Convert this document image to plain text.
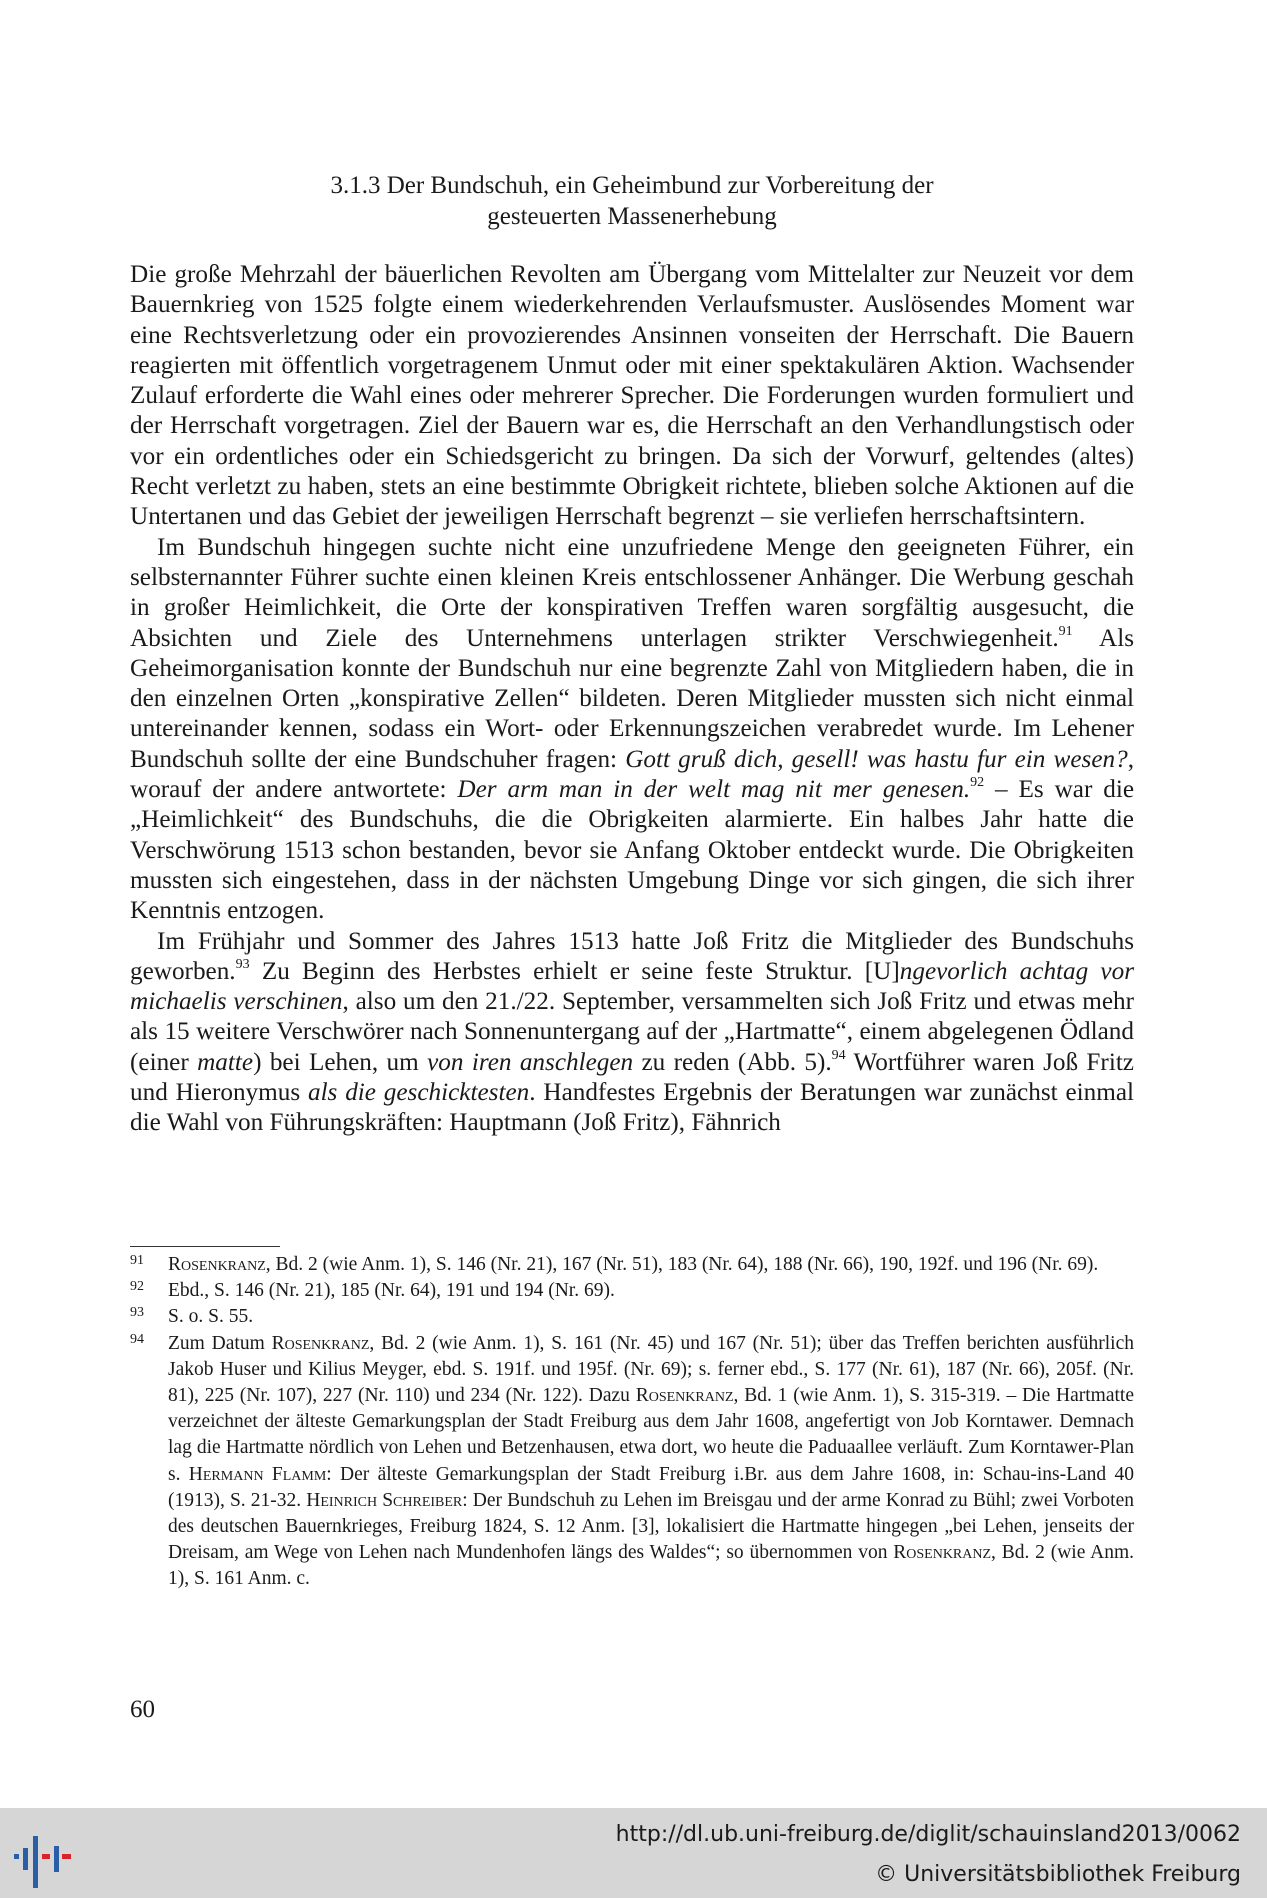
3.1.3 Der Bundschuh, ein Geheimbund zur Vorbereitung der
gesteuerten Massenerhebung

Die große Mehrzahl der bäuerlichen Revolten am Übergang vom Mittelalter zur Neuzeit vor dem Bauernkrieg von 1525 folgte einem wiederkehrenden Verlaufsmuster. Auslösendes Moment war eine Rechtsverletzung oder ein provozierendes Ansinnen vonseiten der Herrschaft. Die Bauern reagierten mit öffentlich vorgetragenem Unmut oder mit einer spektakulären Aktion. Wachsender Zulauf erforderte die Wahl eines oder mehrerer Sprecher. Die Forderungen wurden formuliert und der Herrschaft vorgetragen. Ziel der Bauern war es, die Herrschaft an den Verhandlungstisch oder vor ein ordentliches oder ein Schiedsgericht zu bringen. Da sich der Vorwurf, geltendes (altes) Recht verletzt zu haben, stets an eine bestimmte Obrigkeit richtete, blieben solche Aktionen auf die Untertanen und das Gebiet der jeweiligen Herrschaft begrenzt – sie verliefen herrschaftsintern.

Im Bundschuh hingegen suchte nicht eine unzufriedene Menge den geeigneten Führer, ein selbsternannter Führer suchte einen kleinen Kreis entschlossener Anhänger. Die Werbung geschah in großer Heimlichkeit, die Orte der konspirativen Treffen waren sorgfältig ausgesucht, die Absichten und Ziele des Unternehmens unterlagen strikter Verschwiegenheit.$^{91}$ Als Geheimorganisation konnte der Bundschuh nur eine begrenzte Zahl von Mitgliedern haben, die in den einzelnen Orten „konspirative Zellen“ bildeten. Deren Mitglieder mussten sich nicht einmal untereinander kennen, sodass ein Wort- oder Erkennungszeichen verabredet wurde. Im Lehener Bundschuh sollte der eine Bundschuher fragen: Gott gruß dich, gesell! was hastu fur ein wesen?, worauf der andere antwortete: Der arm man in der welt mag nit mer genesen.$^{92}$ – Es war die „Heimlichkeit“ des Bundschuhs, die die Obrigkeiten alarmierte. Ein halbes Jahr hatte die Verschwörung 1513 schon bestanden, bevor sie Anfang Oktober entdeckt wurde. Die Obrigkeiten mussten sich eingestehen, dass in der nächsten Umgebung Dinge vor sich gingen, die sich ihrer Kenntnis entzogen.

Im Frühjahr und Sommer des Jahres 1513 hatte Joß Fritz die Mitglieder des Bundschuhs geworben.$^{93}$ Zu Beginn des Herbstes erhielt er seine feste Struktur. [U]ngevorlich achtag vor michaelis verschinen, also um den 21./22. September, versammelten sich Joß Fritz und etwas mehr als 15 weitere Verschwörer nach Sonnenuntergang auf der „Hartmatte“, einem abgelegenen Ödland (einer matte) bei Lehen, um von iren anschlegen zu reden (Abb. 5).$^{94}$ Wortführer waren Joß Fritz und Hieronymus als die geschicktesten. Handfestes Ergebnis der Beratungen war zunächst einmal die Wahl von Führungskräften: Hauptmann (Joß Fritz), Fähnrich

91 Rosenkranz, Bd. 2 (wie Anm. 1), S. 146 (Nr. 21), 167 (Nr. 51), 183 (Nr. 64), 188 (Nr. 66), 190, 192f. und 196 (Nr. 69).
92 Ebd., S. 146 (Nr. 21), 185 (Nr. 64), 191 und 194 (Nr. 69).
93 S. o. S. 55.
94 Zum Datum Rosenkranz, Bd. 2 (wie Anm. 1), S. 161 (Nr. 45) und 167 (Nr. 51); über das Treffen berichten ausführlich Jakob Huser und Kilius Meyger, ebd. S. 191f. und 195f. (Nr. 69); s. ferner ebd., S. 177 (Nr. 61), 187 (Nr. 66), 205f. (Nr. 81), 225 (Nr. 107), 227 (Nr. 110) und 234 (Nr. 122). Dazu Rosenkranz, Bd. 1 (wie Anm. 1), S. 315-319. – Die Hartmatte verzeichnet der älteste Gemarkungsplan der Stadt Freiburg aus dem Jahr 1608, angefertigt von Job Korntawer. Demnach lag die Hartmatte nördlich von Lehen und Betzenhausen, etwa dort, wo heute die Paduaallee verläuft. Zum Korntawer-Plan s. Hermann Flamm: Der älteste Gemarkungsplan der Stadt Freiburg i.Br. aus dem Jahre 1608, in: Schau-ins-Land 40 (1913), S. 21-32. Heinrich Schreiber: Der Bundschuh zu Lehen im Breisgau und der arme Konrad zu Bühl; zwei Vorboten des deutschen Bauernkrieges, Freiburg 1824, S. 12 Anm. [3], lokalisiert die Hartmatte hingegen „bei Lehen, jenseits der Dreisam, am Wege von Lehen nach Mundenhofen längs des Waldes“; so übernommen von Rosenkranz, Bd. 2 (wie Anm. 1), S. 161 Anm. c.
60
http://dl.ub.uni-freiburg.de/diglit/schauinsland2013/0062
© Universitätsbibliothek Freiburg
